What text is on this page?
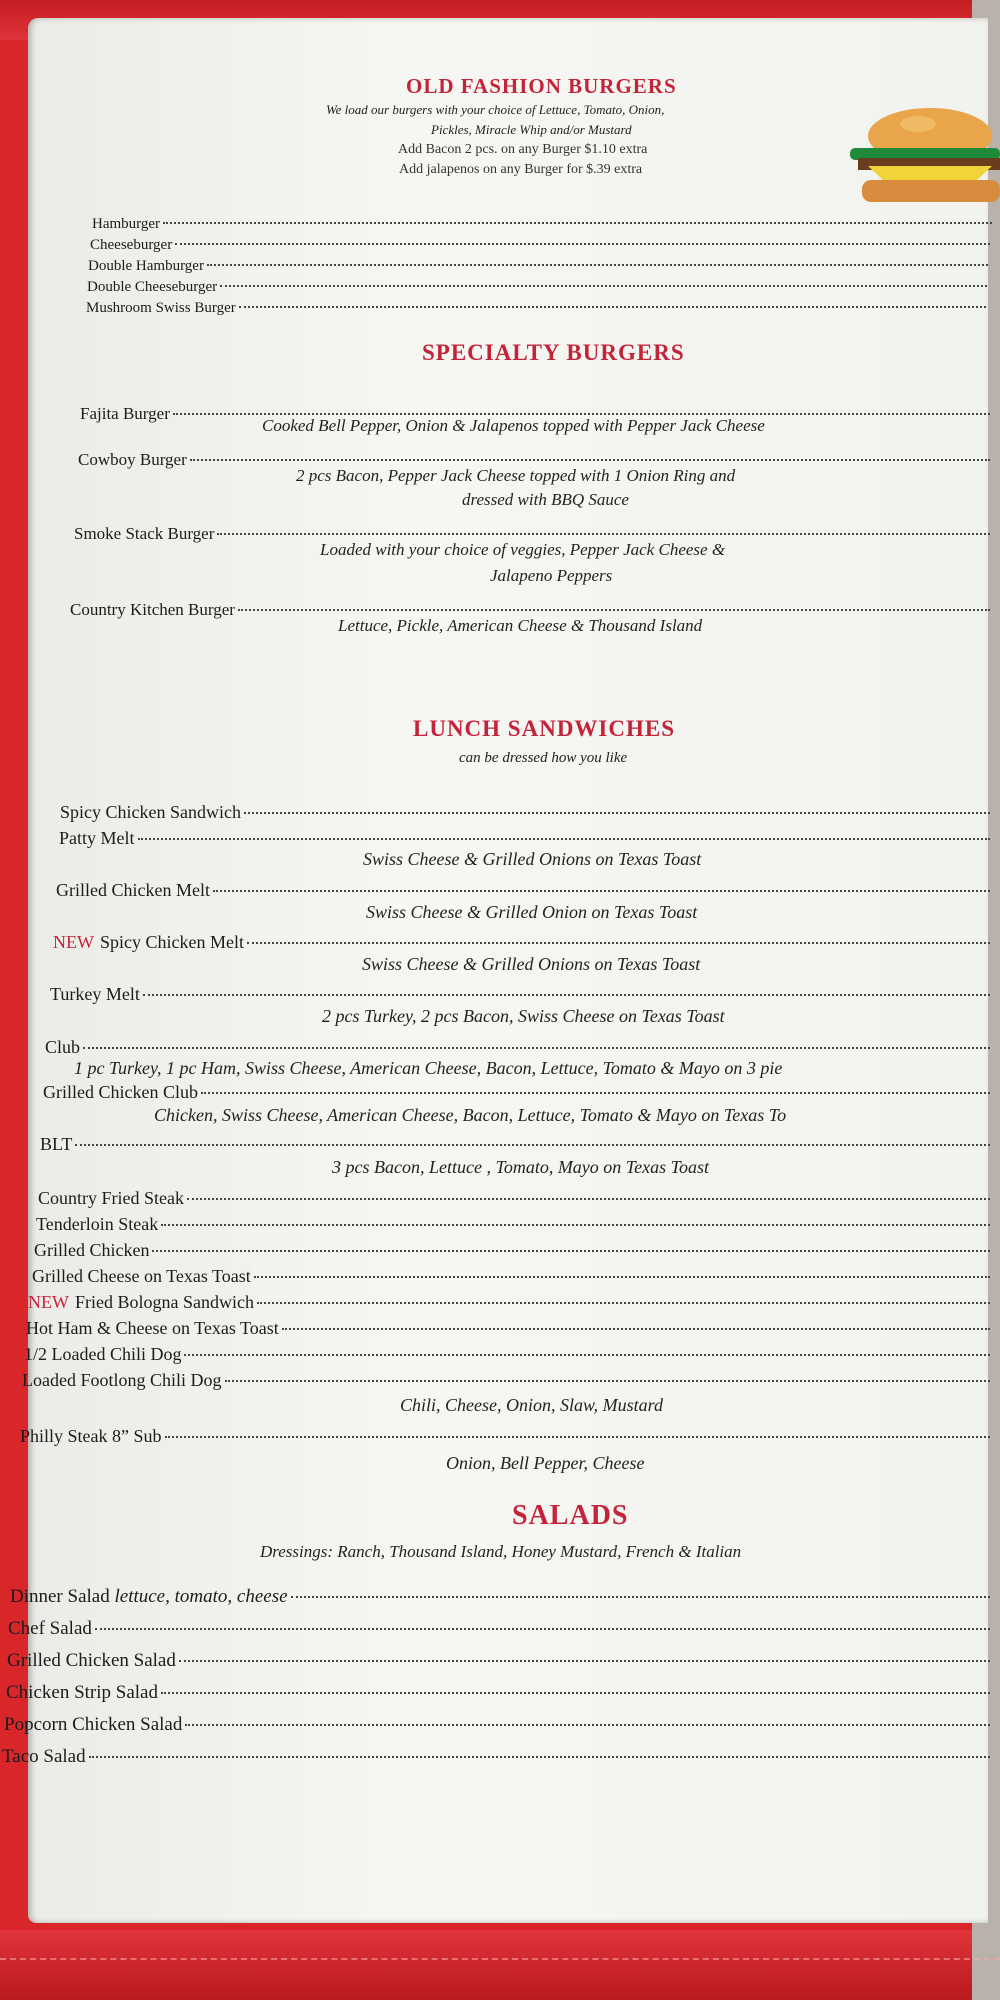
OLD FASHION BURGERS
We load our burgers with your choice of Lettuce, Tomato, Onion,
Pickles, Miracle Whip and/or Mustard
Add Bacon 2 pcs. on any Burger $1.10 extra
Add jalapenos on any Burger for $.39 extra
Hamburger
Cheeseburger
Double Hamburger
Double Cheeseburger
Mushroom Swiss Burger
SPECIALTY BURGERS
Fajita Burger
Cooked Bell Pepper, Onion & Jalapenos topped with Pepper Jack Cheese
Cowboy Burger
2 pcs Bacon, Pepper Jack Cheese topped with 1 Onion Ring and
dressed with BBQ Sauce
Smoke Stack Burger
Loaded with your choice of veggies, Pepper Jack Cheese &
Jalapeno Peppers
Country Kitchen Burger
Lettuce, Pickle, American Cheese & Thousand Island
LUNCH SANDWICHES
can be dressed how you like
Spicy Chicken Sandwich
Patty Melt
Swiss Cheese & Grilled Onions on Texas Toast
Grilled Chicken Melt
Swiss Cheese & Grilled Onion on Texas Toast
NEW Spicy Chicken Melt
Swiss Cheese & Grilled Onions on Texas Toast
Turkey Melt
2 pcs Turkey, 2 pcs Bacon, Swiss Cheese on Texas Toast
Club
1 pc Turkey, 1 pc Ham, Swiss Cheese, American Cheese, Bacon, Lettuce, Tomato & Mayo on 3 pie
Grilled Chicken Club
Chicken, Swiss Cheese, American Cheese, Bacon, Lettuce, Tomato & Mayo on Texas To
BLT
3 pcs Bacon, Lettuce , Tomato, Mayo on Texas Toast
Country Fried Steak
Tenderloin Steak
Grilled Chicken
Grilled Cheese on Texas Toast
NEW Fried Bologna Sandwich
Hot Ham & Cheese on Texas Toast
1/2 Loaded Chili Dog
Loaded Footlong Chili Dog
Chili, Cheese, Onion, Slaw, Mustard
Philly Steak 8” Sub
Onion, Bell Pepper, Cheese
SALADS
Dressings: Ranch, Thousand Island, Honey Mustard, French & Italian
Dinner Salad lettuce, tomato, cheese
Chef Salad
Grilled Chicken Salad
Chicken Strip Salad
Popcorn Chicken Salad
Taco Salad
